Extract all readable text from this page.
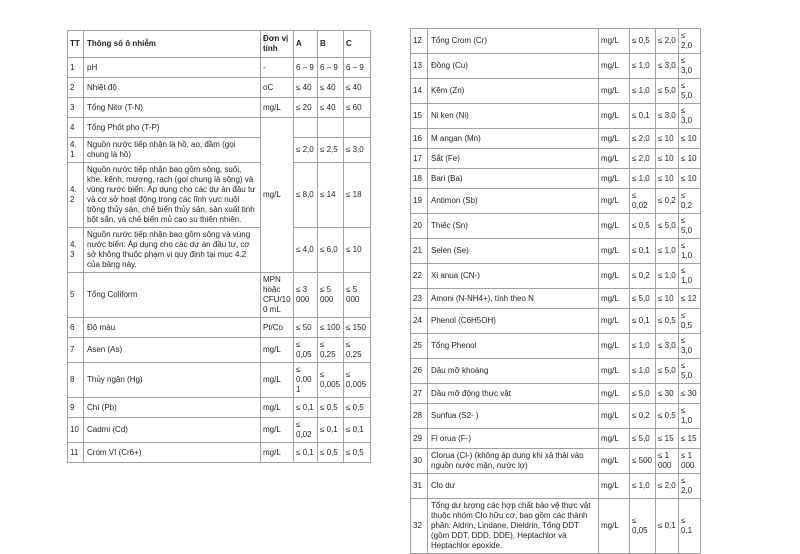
TT	Thông số ô nhiễm	Đơn vị tính	A	B	C
1	pH	-	6 – 9	6 – 9	6 – 9
2	Nhiệt độ	oC	≤ 40	≤ 40	≤ 40
3	Tổng Nitơ (T-N)	mg/L	≤ 20	≤ 40	≤ 60
4	Tổng Phốt pho (T-P)	mg/L			
4.1	Nguồn nước tiếp nhận là hồ, ao, đầm (gọi chung là hồ)		≤ 2,0	≤ 2,5	≤ 3,0
4.2	Nguồn nước tiếp nhận bao gồm sông, suối, khe, kênh, mương, rạch (gọi chung là sông) và vùng nước biển: Áp dụng cho các dự án đầu tư và cơ sở hoạt động trong các lĩnh vực nuôi trồng thủy sản, chế biến thủy sản, sản xuất tinh bột sắn, và chế biến mủ cao su thiên nhiên.		≤ 8,0	≤ 14	≤ 18
4.3	Nguồn nước tiếp nhận bao gồm sông và vùng nước biển: Áp dụng cho các dự án đầu tư, cơ sở không thuộc phạm vi quy định tại mục 4.2 của bảng này.		≤ 4,0	≤ 6,0	≤ 10
5	Tổng Coliform	MPN hoặc CFU/100 mL	≤ 3 000	≤ 5 000	≤ 5 000
6	Độ màu	Pt/Co	≤ 50	≤ 100	≤ 150
7	Asen (As)	mg/L	≤ 0,05	≤ 0,25	≤ 0,25
8	Thủy ngân (Hg)	mg/L	≤ 0,001	≤ 0,005	≤ 0,005
9	Chì (Pb)	mg/L	≤ 0,1	≤ 0,5	≤ 0,5
10	Cadmi (Cd)	mg/L	≤ 0,02	≤ 0,1	≤ 0,1
11	Crom VI (Cr6+)	mg/L	≤ 0,1	≤ 0,5	≤ 0,5
12	Tổng Crom (Cr)	mg/L	≤ 0,5	≤ 2,0	≤ 2,0
13	Đồng (Cu)	mg/L	≤ 1,0	≤ 3,0	≤ 3,0
14	Kẽm (Zn)	mg/L	≤ 1,0	≤ 5,0	≤ 5,0
15	Ni ken (Ni)	mg/L	≤ 0,1	≤ 3,0	≤ 3,0
16	M angan (Mn)	mg/L	≤ 2,0	≤ 10	≤ 10
17	Sắt (Fe)	mg/L	≤ 2,0	≤ 10	≤ 10
18	Bari (Ba)	mg/L	≤ 1,0	≤ 10	≤ 10
19	Antimon (Sb)	mg/L	≤ 0,02	≤ 0,2	≤ 0,2
20	Thiếc (Sn)	mg/L	≤ 0,5	≤ 5,0	≤ 5,0
21	Selen (Se)	mg/L	≤ 0,1	≤ 1,0	≤ 1,0
22	Xi anua (CN-)	mg/L	≤ 0,2	≤ 1,0	≤ 1,0
23	Amoni (N-NH4+), tính theo N	mg/L	≤ 5,0	≤ 10	≤ 12
24	Phenol (C6H5OH)	mg/L	≤ 0,1	≤ 0,5	≤ 0,5
25	Tổng Phenol	mg/L	≤ 1,0	≤ 3,0	≤ 3,0
26	Dầu mỡ khoáng	mg/L	≤ 1,0	≤ 5,0	≤ 5,0
27	Dầu mỡ động thực vật	mg/L	≤ 5,0	≤ 30	≤ 30
28	Sunfua (S2- )	mg/L	≤ 0,2	≤ 0,5	≤ 1,0
29	Fl orua (F-)	mg/L	≤ 5,0	≤ 15	≤ 15
30	Clorua (Cl-) (không áp dụng khi xả thải vào nguồn nước mặn, nước lợ)	mg/L	≤ 500	≤ 1 000	≤ 1 000
31	Clo dư	mg/L	≤ 1,0	≤ 2,0	≤ 2,0
32	Tổng dư lượng các hợp chất bảo vệ thực vật thuộc nhóm Clo hữu cơ, bao gồm các thành phần: Aldrin, Lindane, Dieldrin, Tổng DDT (gồm DDT, DDD, DDE), Heptachlor và Heptachlor epoxide.	mg/L	≤ 0,05	≤ 0,1	≤ 0,1
